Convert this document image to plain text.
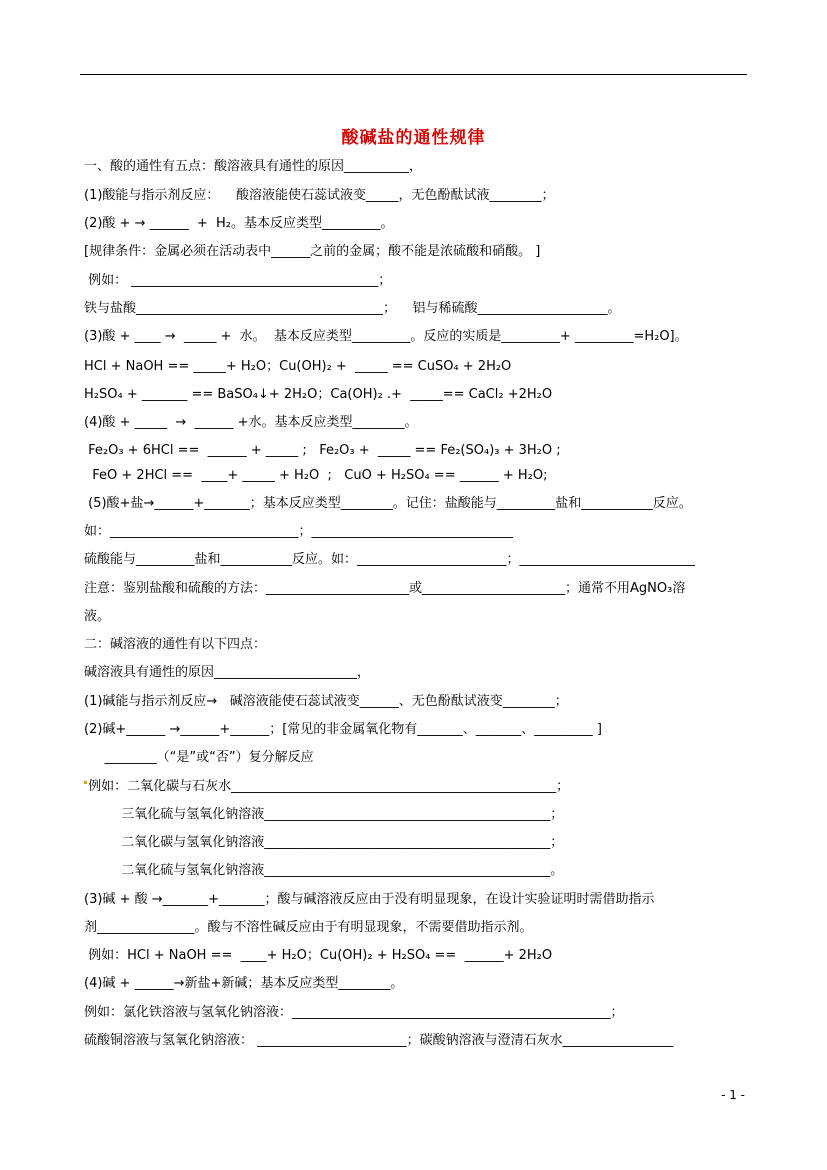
酸碱盐的通性规律
一、酸的通性有五点：酸溶液具有通性的原因__________，
(1)酸能与指示剂反应：    酸溶液能使石蕊试液变_____，无色酚酞试液________；
(2)酸 + → ______  +  H₂。基本反应类型_________。
[规律条件：金属必须在活动表中______之前的金属；酸不能是浓硫酸和硝酸。 ]
例如： ______________________________________；
铁与盐酸______________________________________；    铝与稀硫酸____________________。
(3)酸 + ____ →  _____ +  水。  基本反应类型_________。反应的实质是_________+ _________=H₂O]。
HCl + NaOH == _____+ H₂O；Cu(OH)₂ +  _____ == CuSO₄ + 2H₂O
H₂SO₄ + _______ == BaSO₄↓+ 2H₂O；Ca(OH)₂ .+  _____== CaCl₂ +2H₂O
(4)酸 + _____  →  ______ +水。基本反应类型________。
Fe₂O₃ + 6HCl ==  ______ + _____ ;   Fe₂O₃ +  _____ == Fe₂(SO₄)₃ + 3H₂O ;
FeO + 2HCl ==  ____+ _____ + H₂O  ;   CuO + H₂SO₄ == ______ + H₂O;
(5)酸+盐→______+_______；基本反应类型________。记住：盐酸能与_________盐和___________反应。
如：_____________________________；_______________________________
硫酸能与_________盐和___________反应。如：_______________________；___________________________
注意：鉴别盐酸和硫酸的方法：______________________或______________________；通常不用AgNO₃溶
液。
二：碱溶液的通性有以下四点：
碱溶液具有通性的原因______________________，
(1)碱能与指示剂反应→   碱溶液能使石蕊试液变______、无色酚酞试液变________；
(2)碱+______ →______+______；[常见的非金属氧化物有_______、_______、_________ ]
________（“是”或“否”）复分解反应
例如：二氧化碳与石灰水__________________________________________________；
三氧化硫与氢氧化钠溶液____________________________________________；
二氧化碳与氢氧化钠溶液____________________________________________；
二氧化硫与氢氧化钠溶液____________________________________________。
(3)碱 + 酸 →_______+_______；酸与碱溶液反应由于没有明显现象，在设计实验证明时需借助指示
剂_______________。酸与不溶性碱反应由于有明显现象，不需要借助指示剂。
例如：HCl + NaOH ==  ____+ H₂O；Cu(OH)₂ + H₂SO₄ ==  ______+ 2H₂O
(4)碱 + ______→新盐+新碱；基本反应类型________。
例如：氯化铁溶液与氢氧化钠溶液：_________________________________________________；
硫酸铜溶液与氢氧化钠溶液： _______________________；碳酸钠溶液与澄清石灰水_________________
- 1 -
